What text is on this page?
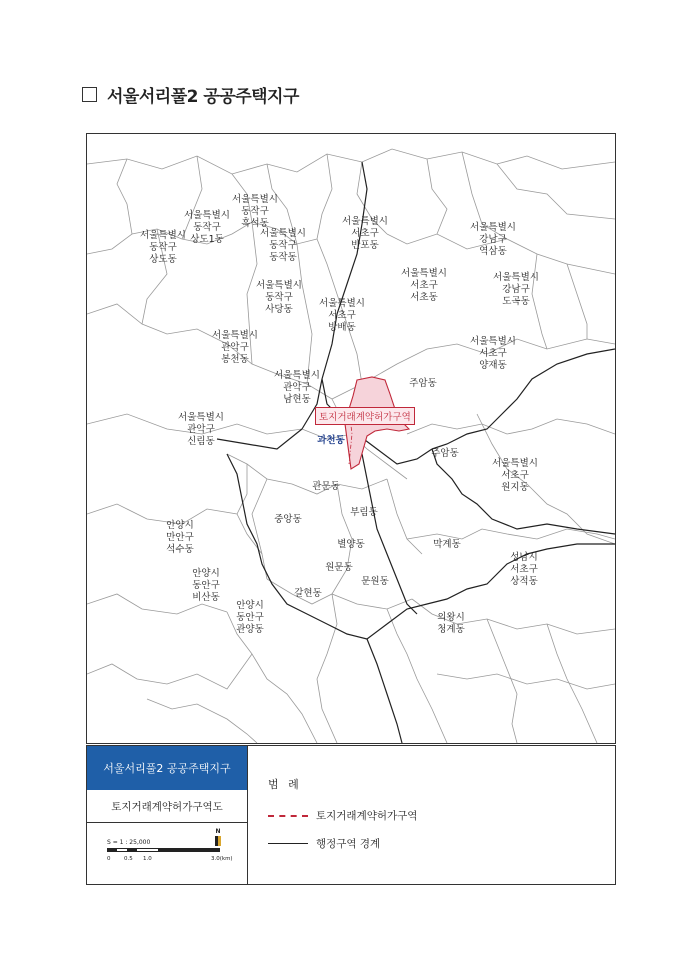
서울서리풀2 공공주택지구
토지거래계약허가구역
서울특별시
동작구
흑석동
서울특별시
동작구
상도1동
서울특별시
동작구
상도동
서울특별시
동작구
동작동
서울특별시
서초구
반포동
서울특별시
강남구
역삼동
서울특별시
서초구
서초동
서울특별시
강남구
도곡동
서울특별시
동작구
사당동
서울특별시
서초구
방배동
서울특별시
관악구
봉천동
서울특별시
서초구
양재동
서울특별시
관악구
남현동
주암동
서울특별시
관악구
신림동	과천동
주암동
서울특별시
서초구
원지동
관문동
중앙동
부림동
안양시
만안구
석수동	별양동	막계동
성남시
서초구
상적동
원문동
문원동
안양시
동안구
비산동	갈현동
안양시
동안구
관양동
의왕시
청계동
서울서리풀2 공공주택지구
토지거래계약허가구역도
S = 1 : 25,000
0 0.5 1.0	3.0(km)
N
범 례
토지거래계약허가구역
행정구역 경계
